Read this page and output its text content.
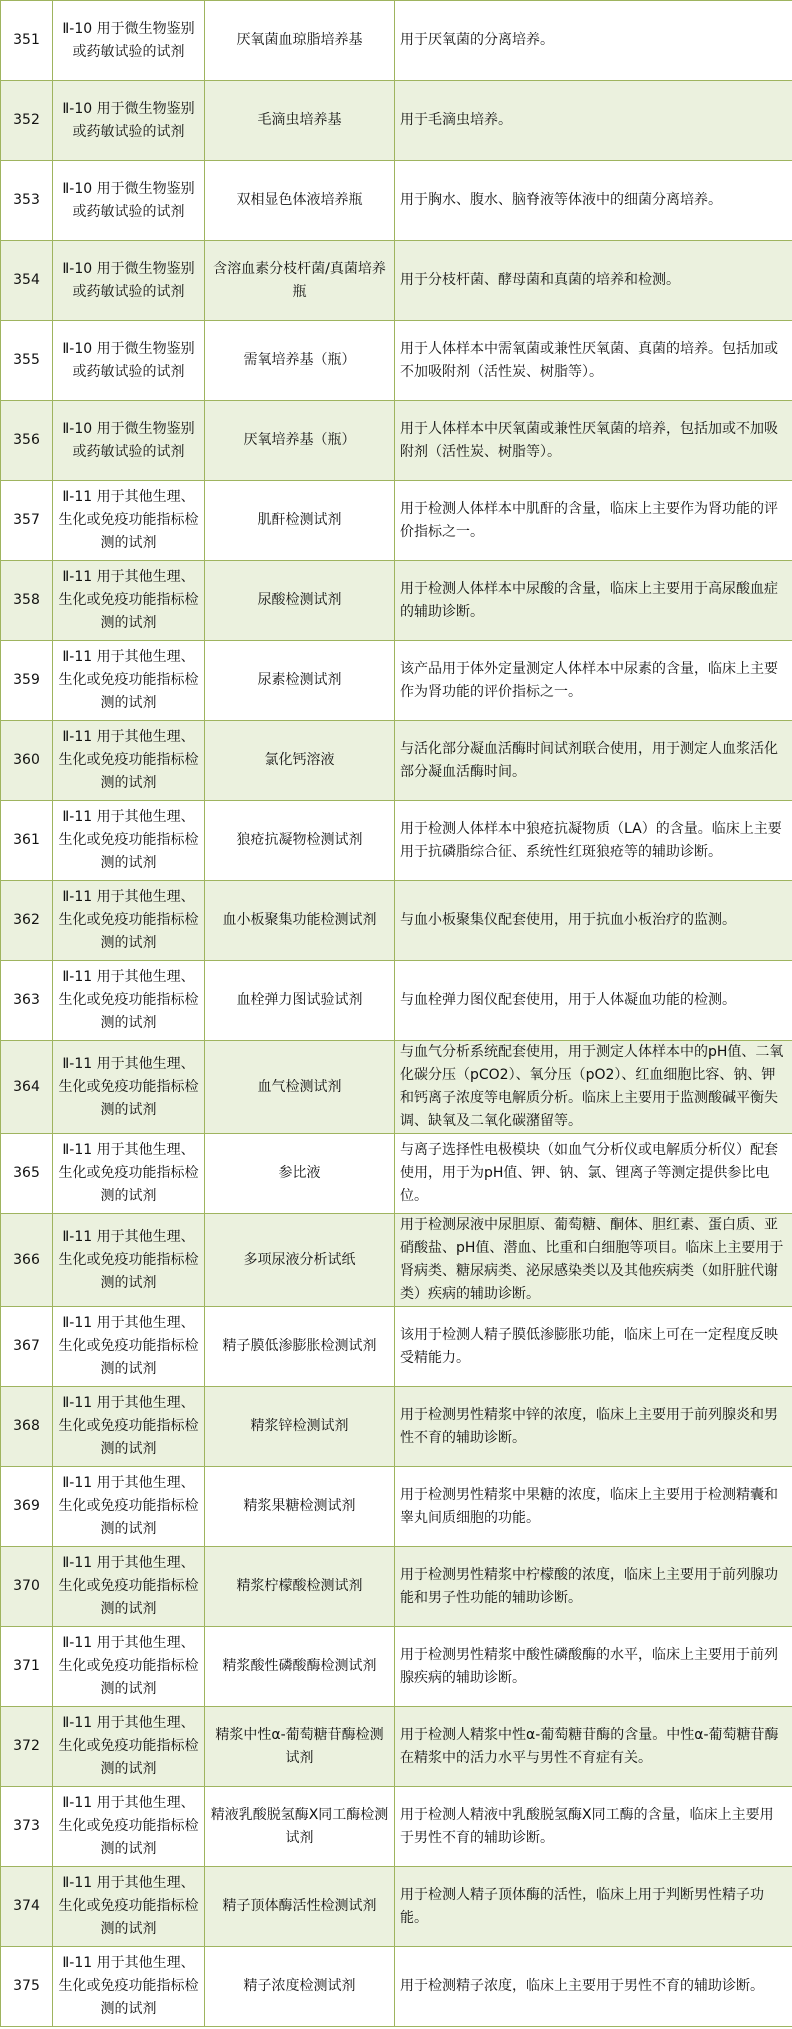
351	Ⅱ-10 用于微生物鉴别或药敏试验的试剂	厌氧菌血琼脂培养基	用于厌氧菌的分离培养。
352	Ⅱ-10 用于微生物鉴别或药敏试验的试剂	毛滴虫培养基	用于毛滴虫培养。
353	Ⅱ-10 用于微生物鉴别或药敏试验的试剂	双相显色体液培养瓶	用于胸水、腹水、脑脊液等体液中的细菌分离培养。
354	Ⅱ-10 用于微生物鉴别或药敏试验的试剂	含溶血素分枝杆菌/真菌培养瓶	用于分枝杆菌、酵母菌和真菌的培养和检测。
355	Ⅱ-10 用于微生物鉴别或药敏试验的试剂	需氧培养基（瓶）	用于人体样本中需氧菌或兼性厌氧菌、真菌的培养。包括加或不加吸附剂（活性炭、树脂等）。
356	Ⅱ-10 用于微生物鉴别或药敏试验的试剂	厌氧培养基（瓶）	用于人体样本中厌氧菌或兼性厌氧菌的培养，包括加或不加吸附剂（活性炭、树脂等）。
357	Ⅱ-11 用于其他生理、生化或免疫功能指标检测的试剂	肌酐检测试剂	用于检测人体样本中肌酐的含量，临床上主要作为肾功能的评价指标之一。
358	Ⅱ-11 用于其他生理、生化或免疫功能指标检测的试剂	尿酸检测试剂	用于检测人体样本中尿酸的含量，临床上主要用于高尿酸血症的辅助诊断。
359	Ⅱ-11 用于其他生理、生化或免疫功能指标检测的试剂	尿素检测试剂	该产品用于体外定量测定人体样本中尿素的含量，临床上主要作为肾功能的评价指标之一。
360	Ⅱ-11 用于其他生理、生化或免疫功能指标检测的试剂	氯化钙溶液	与活化部分凝血活酶时间试剂联合使用，用于测定人血浆活化部分凝血活酶时间。
361	Ⅱ-11 用于其他生理、生化或免疫功能指标检测的试剂	狼疮抗凝物检测试剂	用于检测人体样本中狼疮抗凝物质（LA）的含量。临床上主要用于抗磷脂综合征、系统性红斑狼疮等的辅助诊断。
362	Ⅱ-11 用于其他生理、生化或免疫功能指标检测的试剂	血小板聚集功能检测试剂	与血小板聚集仪配套使用，用于抗血小板治疗的监测。
363	Ⅱ-11 用于其他生理、生化或免疫功能指标检测的试剂	血栓弹力图试验试剂	与血栓弹力图仪配套使用，用于人体凝血功能的检测。
364	Ⅱ-11 用于其他生理、生化或免疫功能指标检测的试剂	血气检测试剂	与血气分析系统配套使用，用于测定人体样本中的pH值、二氧化碳分压（pCO2）、氧分压（pO2）、红血细胞比容、钠、钾和钙离子浓度等电解质分析。临床上主要用于监测酸碱平衡失调、缺氧及二氧化碳潴留等。
365	Ⅱ-11 用于其他生理、生化或免疫功能指标检测的试剂	参比液	与离子选择性电极模块（如血气分析仪或电解质分析仪）配套使用，用于为pH值、钾、钠、氯、锂离子等测定提供参比电位。
366	Ⅱ-11 用于其他生理、生化或免疫功能指标检测的试剂	多项尿液分析试纸	用于检测尿液中尿胆原、葡萄糖、酮体、胆红素、蛋白质、亚硝酸盐、pH值、潜血、比重和白细胞等项目。临床上主要用于肾病类、糖尿病类、泌尿感染类以及其他疾病类（如肝脏代谢类）疾病的辅助诊断。
367	Ⅱ-11 用于其他生理、生化或免疫功能指标检测的试剂	精子膜低渗膨胀检测试剂	该用于检测人精子膜低渗膨胀功能，临床上可在一定程度反映受精能力。
368	Ⅱ-11 用于其他生理、生化或免疫功能指标检测的试剂	精浆锌检测试剂	用于检测男性精浆中锌的浓度，临床上主要用于前列腺炎和男性不育的辅助诊断。
369	Ⅱ-11 用于其他生理、生化或免疫功能指标检测的试剂	精浆果糖检测试剂	用于检测男性精浆中果糖的浓度，临床上主要用于检测精囊和睾丸间质细胞的功能。
370	Ⅱ-11 用于其他生理、生化或免疫功能指标检测的试剂	精浆柠檬酸检测试剂	用于检测男性精浆中柠檬酸的浓度，临床上主要用于前列腺功能和男子性功能的辅助诊断。
371	Ⅱ-11 用于其他生理、生化或免疫功能指标检测的试剂	精浆酸性磷酸酶检测试剂	用于检测男性精浆中酸性磷酸酶的水平，临床上主要用于前列腺疾病的辅助诊断。
372	Ⅱ-11 用于其他生理、生化或免疫功能指标检测的试剂	精浆中性α-葡萄糖苷酶检测试剂	用于检测人精浆中性α-葡萄糖苷酶的含量。中性α-葡萄糖苷酶在精浆中的活力水平与男性不育症有关。
373	Ⅱ-11 用于其他生理、生化或免疫功能指标检测的试剂	精液乳酸脱氢酶X同工酶检测试剂	用于检测人精液中乳酸脱氢酶X同工酶的含量，临床上主要用于男性不育的辅助诊断。
374	Ⅱ-11 用于其他生理、生化或免疫功能指标检测的试剂	精子顶体酶活性检测试剂	用于检测人精子顶体酶的活性，临床上用于判断男性精子功能。
375	Ⅱ-11 用于其他生理、生化或免疫功能指标检测的试剂	精子浓度检测试剂	用于检测精子浓度，临床上主要用于男性不育的辅助诊断。
